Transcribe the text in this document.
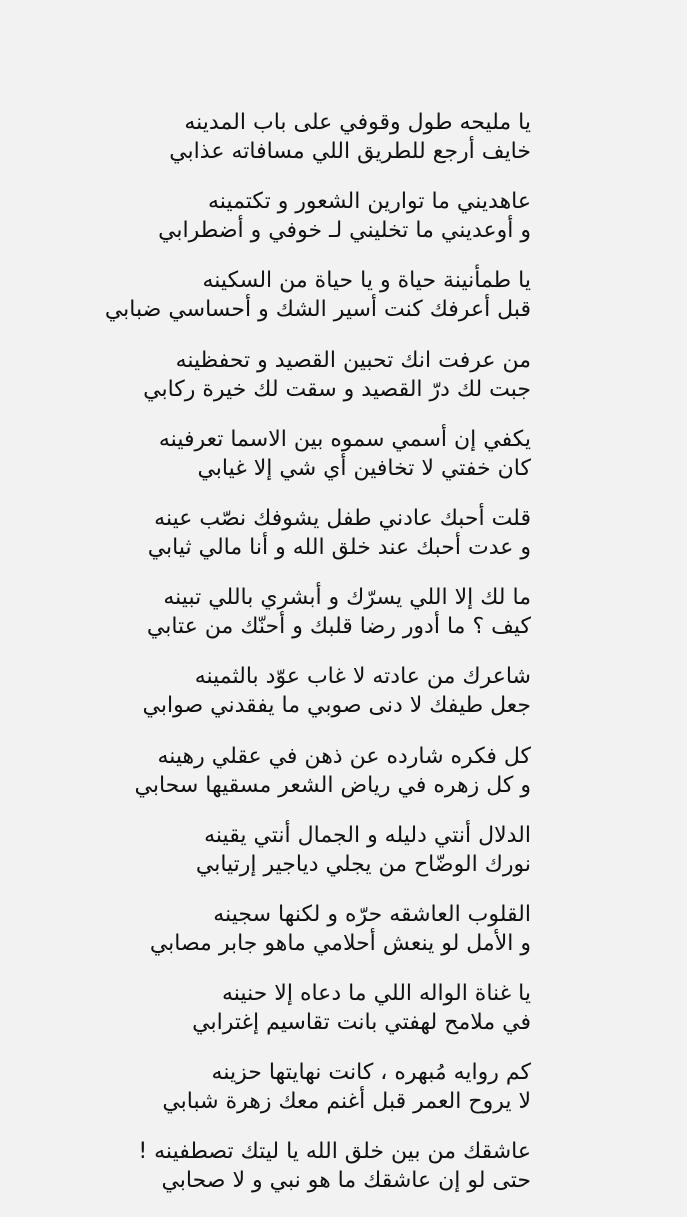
يا مليحه طول وقوفي على باب المدينه
خايف أرجع للطريق اللي مسافاته عذابي
عاهديني ما توارين الشعور و تكتمينه
و أوعديني ما تخليني لـ خوفي و أضطرابي
يا طمأنينة حياة و يا حياة من السكينه
قبل أعرفك كنت أسير الشك و أحساسي ضبابي
من عرفت انك تحبين القصيد و تحفظينه
جبت لك درّ القصيد و سقت لك خيرة ركابي
يكفي إن أسمي سموه بين الاسما تعرفينه
كان خفتي لا تخافين أي شي إلا غيابي
قلت أحبك عادني طفل يشوفك نصّب عينه
و عدت أحبك عند خلق الله و أنا مالي ثيابي
ما لك إلا اللي يسرّك و أبشري باللي تبينه
كيف ؟ ما أدور رضا قلبك و أحنّك من عتابي
شاعرك من عادته لا غاب عوّد بالثمينه
جعل طيفك لا دنى صوبي ما يفقدني صوابي
كل فكره شارده عن ذهن في عقلي رهينه
و كل زهره في رياض الشعر مسقيها سحابي
الدلال أنتي دليله و الجمال أنتي يقينه
نورك الوضّاح من يجلي دياجير إرتيابي
القلوب العاشقه حرّه و لكنها سجينه
و الأمل لو ينعش أحلامي ماهو جابر مصابي
يا غناة الواله اللي ما دعاه إلا حنينه
في ملامح لهفتي بانت تقاسيم إغترابي
كم روايه مُبهره ، كانت نهايتها حزينه
لا يروح العمر قبل أغنم معك زهرة شبابي
عاشقك من بين خلق الله يا ليتك تصطفينه !
حتى لو إن عاشقك ما هو نبي و لا صحابي
